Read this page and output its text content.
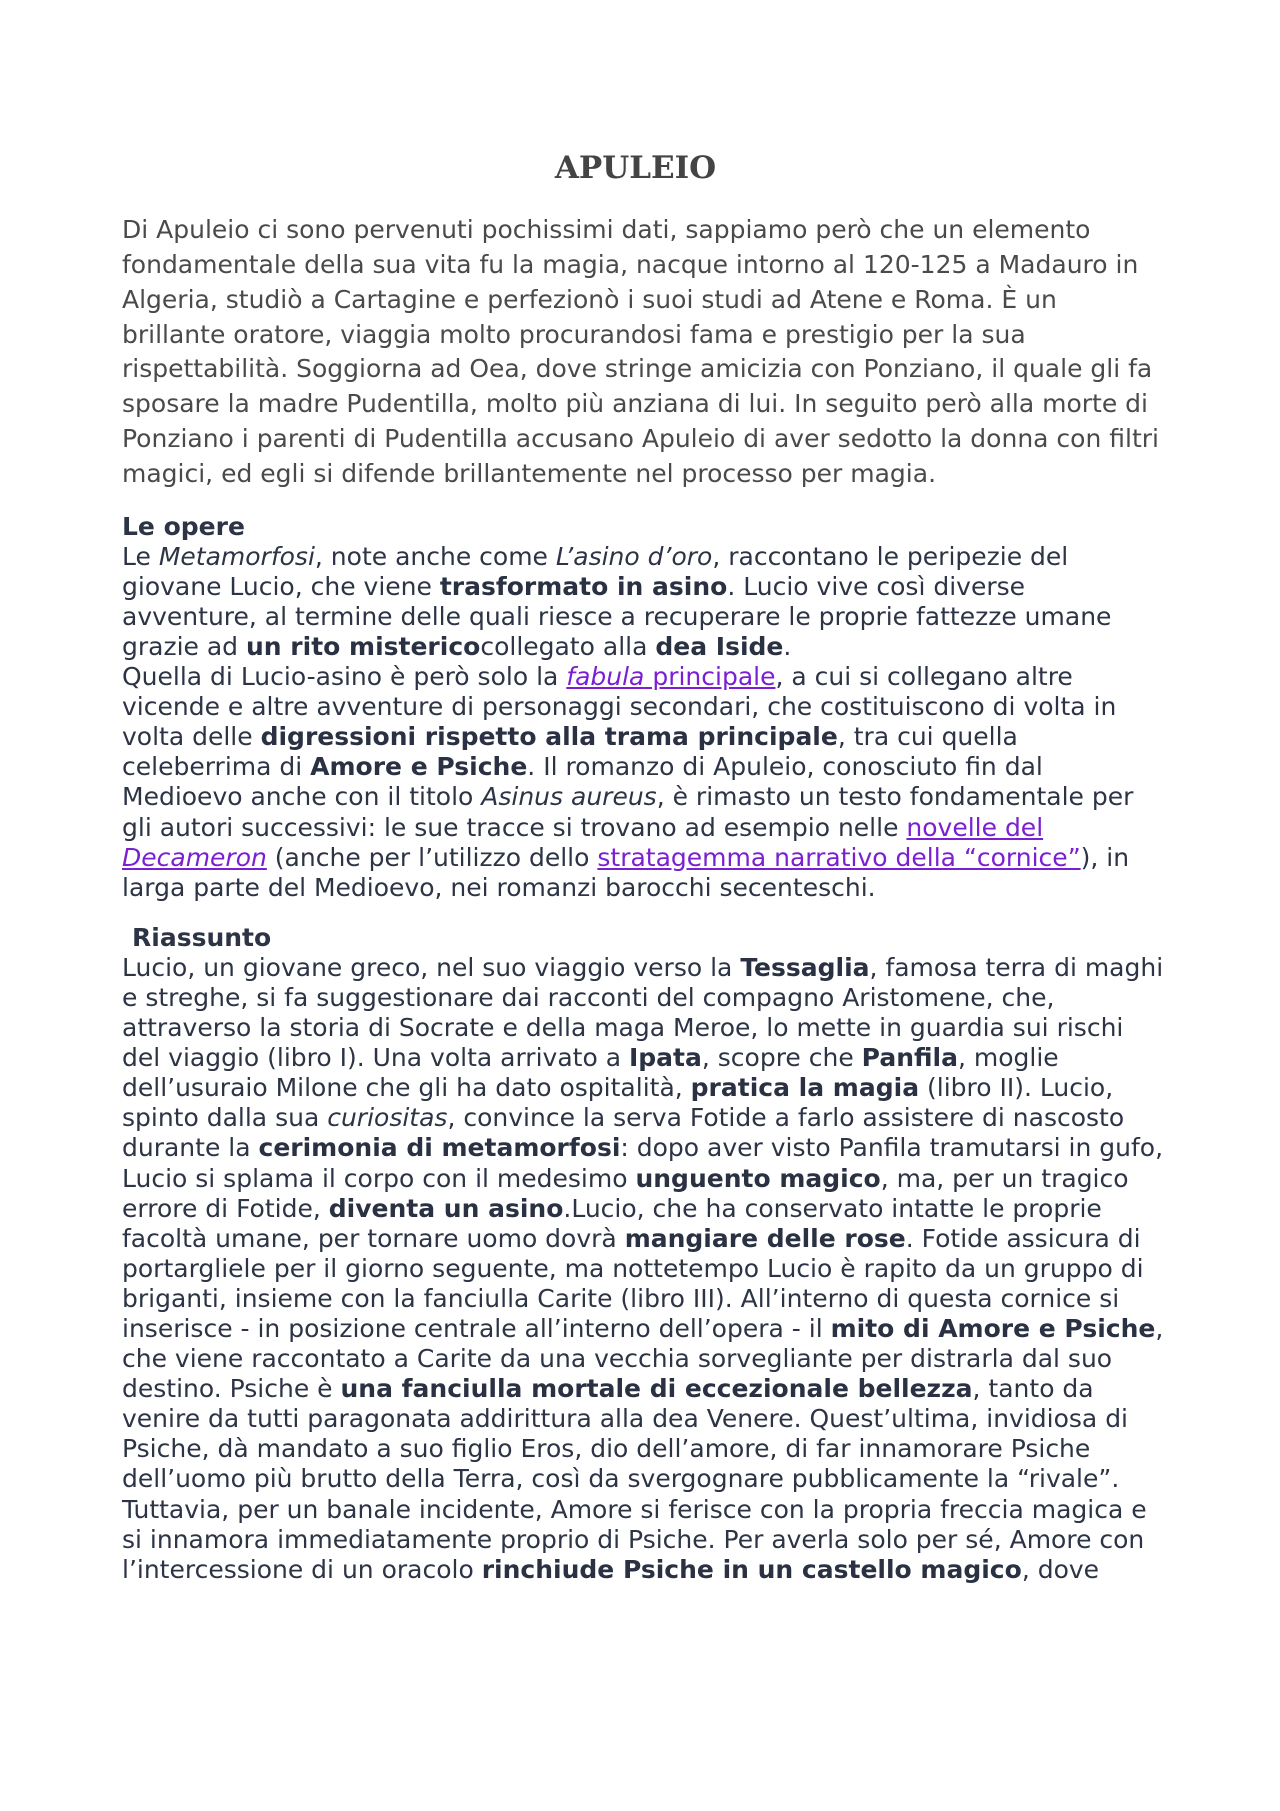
APULEIO

Di Apuleio ci sono pervenuti pochissimi dati, sappiamo però che un elemento fondamentale della sua vita fu la magia, nacque intorno al 120-125 a Madauro in Algeria, studiò a Cartagine e perfezionò i suoi studi ad Atene e Roma. È un brillante oratore, viaggia molto procurandosi fama e prestigio per la sua rispettabilità. Soggiorna ad Oea, dove stringe amicizia con Ponziano, il quale gli fa sposare la madre Pudentilla, molto più anziana di lui. In seguito però alla morte di Ponziano i parenti di Pudentilla accusano Apuleio di aver sedotto la donna con filtri magici, ed egli si difende brillantemente nel processo per magia.

Le opere
Le Metamorfosi, note anche come L’asino d’oro, raccontano le peripezie del giovane Lucio, che viene trasformato in asino. Lucio vive così diverse avventure, al termine delle quali riesce a recuperare le proprie fattezze umane grazie ad un rito mistericocollegato alla dea Iside.
Quella di Lucio-asino è però solo la fabula principale, a cui si collegano altre vicende e altre avventure di personaggi secondari, che costituiscono di volta in volta delle digressioni rispetto alla trama principale, tra cui quella celeberrima di Amore e Psiche. Il romanzo di Apuleio, conosciuto fin dal Medioevo anche con il titolo Asinus aureus, è rimasto un testo fondamentale per gli autori successivi: le sue tracce si trovano ad esempio nelle novelle del Decameron (anche per l’utilizzo dello stratagemma narrativo della “cornice”), in larga parte del Medioevo, nei romanzi barocchi secenteschi.
Riassunto
Lucio, un giovane greco, nel suo viaggio verso la Tessaglia, famosa terra di maghi e streghe, si fa suggestionare dai racconti del compagno Aristomene, che, attraverso la storia di Socrate e della maga Meroe, lo mette in guardia sui rischi del viaggio (libro I). Una volta arrivato a Ipata, scopre che Panfila, moglie dell’usuraio Milone che gli ha dato ospitalità, pratica la magia (libro II). Lucio, spinto dalla sua curiositas, convince la serva Fotide a farlo assistere di nascosto durante la cerimonia di metamorfosi: dopo aver visto Panfila tramutarsi in gufo, Lucio si splama il corpo con il medesimo unguento magico, ma, per un tragico errore di Fotide, diventa un asino.Lucio, che ha conservato intatte le proprie facoltà umane, per tornare uomo dovrà mangiare delle rose. Fotide assicura di portargliele per il giorno seguente, ma nottetempo Lucio è rapito da un gruppo di briganti, insieme con la fanciulla Carite (libro III). All’interno di questa cornice si inserisce - in posizione centrale all’interno dell’opera - il mito di Amore e Psiche, che viene raccontato a Carite da una vecchia sorvegliante per distrarla dal suo destino. Psiche è una fanciulla mortale di eccezionale bellezza, tanto da venire da tutti paragonata addirittura alla dea Venere. Quest’ultima, invidiosa di Psiche, dà mandato a suo figlio Eros, dio dell’amore, di far innamorare Psiche dell’uomo più brutto della Terra, così da svergognare pubblicamente la “rivale”. Tuttavia, per un banale incidente, Amore si ferisce con la propria freccia magica e si innamora immediatamente proprio di Psiche. Per averla solo per sé, Amore con l’intercessione di un oracolo rinchiude Psiche in un castello magico, dove
